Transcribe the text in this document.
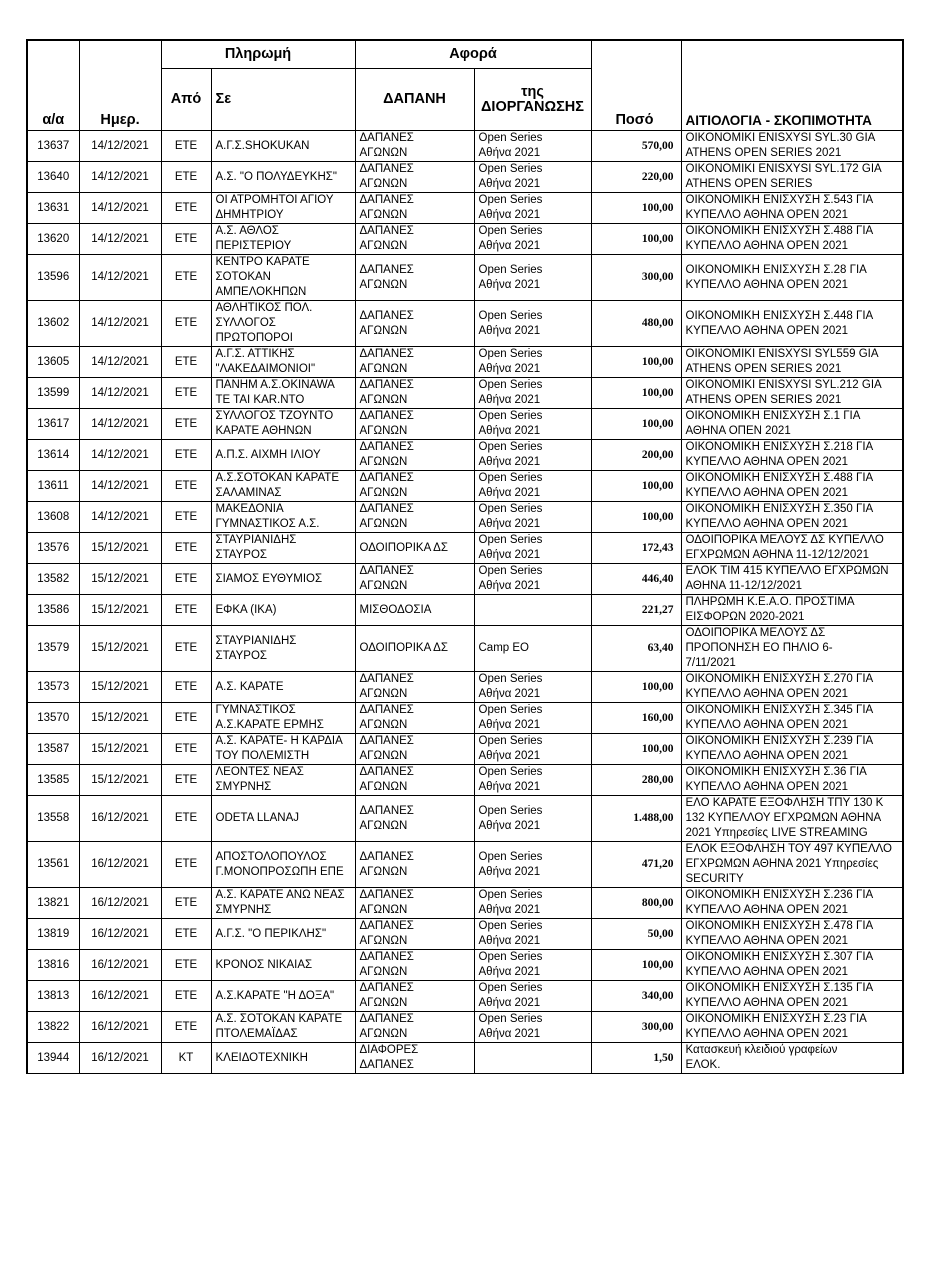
α/α	Ημερ.	Πληρωμή		Αφορά		Ποσό	ΑΙΤΙΟΛΟΓΙΑ - ΣΚΟΠΙΜΟΤΗΤΑ
		Από	Σε	ΔΑΠΑΝΗ	της
ΔΙΟΡΓΑΝΩΣΗΣ		
13637	14/12/2021	ΕΤΕ	Α.Γ.Σ.SHOKUKAN	ΔΑΠΑΝΕΣ
ΑΓΩΝΩΝ	Open Series
Αθήνα 2021	570,00	OIKONOMIKI ENISXYSI SYL.30 GIA
ATHENS OPEN SERIES 2021
13640	14/12/2021	ΕΤΕ	Α.Σ. "Ο ΠΟΛΥΔΕΥΚΗΣ"	ΔΑΠΑΝΕΣ
ΑΓΩΝΩΝ	Open Series
Αθήνα 2021	220,00	OIKONOMIKI ENISXYSI SYL.172 GIA
ATHENS OPEN SERIES
13631	14/12/2021	ΕΤΕ	ΟΙ ΑΤΡΟΜΗΤΟΙ ΑΓΙΟΥ
ΔΗΜΗΤΡΙΟΥ	ΔΑΠΑΝΕΣ
ΑΓΩΝΩΝ	Open Series
Αθήνα 2021	100,00	ΟΙΚΟΝΟΜΙΚΗ ΕΝΙΣΧΥΣΗ Σ.543 ΓΙΑ
ΚΥΠΕΛΛΟ ΑΘΗΝΑ OPEN 2021
13620	14/12/2021	ΕΤΕ	Α.Σ. ΑΘΛΟΣ
ΠΕΡΙΣΤΕΡΙΟΥ	ΔΑΠΑΝΕΣ
ΑΓΩΝΩΝ	Open Series
Αθήνα 2021	100,00	ΟΙΚΟΝΟΜΙΚΗ ΕΝΙΣΧΥΣΗ Σ.488 ΓΙΑ
ΚΥΠΕΛΛΟ ΑΘΗΝΑ OPEN 2021
13596	14/12/2021	ΕΤΕ	ΚΕΝΤΡΟ ΚΑΡΑΤΕ
ΣΟΤΟΚΑΝ
ΑΜΠΕΛΟΚΗΠΩΝ	ΔΑΠΑΝΕΣ
ΑΓΩΝΩΝ	Open Series
Αθήνα 2021	300,00	ΟΙΚΟΝΟΜΙΚΗ ΕΝΙΣΧΥΣΗ Σ.28 ΓΙΑ
ΚΥΠΕΛΛΟ ΑΘΗΝΑ OPEN 2021
13602	14/12/2021	ΕΤΕ	ΑΘΛΗΤΙΚΟΣ ΠΟΛ.
ΣΥΛΛΟΓΟΣ
ΠΡΩΤΟΠΟΡΟΙ	ΔΑΠΑΝΕΣ
ΑΓΩΝΩΝ	Open Series
Αθήνα 2021	480,00	ΟΙΚΟΝΟΜΙΚΗ ΕΝΙΣΧΥΣΗ Σ.448 ΓΙΑ
ΚΥΠΕΛΛΟ ΑΘΗΝΑ OPEN 2021
13605	14/12/2021	ΕΤΕ	Α.Γ.Σ. ΑΤΤΙΚΗΣ
"ΛΑΚΕΔΑΙΜΟΝΙΟΙ"	ΔΑΠΑΝΕΣ
ΑΓΩΝΩΝ	Open Series
Αθήνα 2021	100,00	OIKONOMIKI ENISXYSI SYL559 GIA
ATHENS OPEN SERIES 2021
13599	14/12/2021	ΕΤΕ	ΠΑΝΗΜ Α.Σ.OKINAWA
TE TAI KAR.NTO	ΔΑΠΑΝΕΣ
ΑΓΩΝΩΝ	Open Series
Αθήνα 2021	100,00	OIKONOMIKI ENISXYSI SYL.212 GIA
ATHENS OPEN SERIES 2021
13617	14/12/2021	ΕΤΕ	ΣΥΛΛΟΓΟΣ ΤΖΟΥΝΤΟ
ΚΑΡΑΤΕ ΑΘΗΝΩΝ	ΔΑΠΑΝΕΣ
ΑΓΩΝΩΝ	Open Series
Αθήνα 2021	100,00	ΟΙΚΟΝΟΜΙΚΗ ΕΝΙΣΧΥΣΗ Σ.1 ΓΙΑ
ΑΘΗΝΑ ΟΠΕΝ 2021
13614	14/12/2021	ΕΤΕ	Α.Π.Σ. ΑΙΧΜΗ ΙΛΙΟΥ	ΔΑΠΑΝΕΣ
ΑΓΩΝΩΝ	Open Series
Αθήνα 2021	200,00	ΟΙΚΟΝΟΜΙΚΗ ΕΝΙΣΧΥΣΗ Σ.218 ΓΙΑ
ΚΥΠΕΛΛΟ ΑΘΗΝΑ OPEN 2021
13611	14/12/2021	ΕΤΕ	Α.Σ.ΣΟΤΟΚΑΝ ΚΑΡΑΤΕ
ΣΑΛΑΜΙΝΑΣ	ΔΑΠΑΝΕΣ
ΑΓΩΝΩΝ	Open Series
Αθήνα 2021	100,00	ΟΙΚΟΝΟΜΙΚΗ ΕΝΙΣΧΥΣΗ Σ.488 ΓΙΑ
ΚΥΠΕΛΛΟ ΑΘΗΝΑ OPEN 2021
13608	14/12/2021	ΕΤΕ	ΜΑΚΕΔΟΝΙΑ
ΓΥΜΝΑΣΤΙΚΟΣ Α.Σ.	ΔΑΠΑΝΕΣ
ΑΓΩΝΩΝ	Open Series
Αθήνα 2021	100,00	ΟΙΚΟΝΟΜΙΚΗ ΕΝΙΣΧΥΣΗ Σ.350 ΓΙΑ
ΚΥΠΕΛΛΟ ΑΘΗΝΑ OPEN 2021
13576	15/12/2021	ΕΤΕ	ΣΤΑΥΡΙΑΝΙΔΗΣ
ΣΤΑΥΡΟΣ	ΟΔΟΙΠΟΡΙΚΑ ΔΣ	Open Series
Αθήνα 2021	172,43	ΟΔΟΙΠΟΡΙΚΑ ΜΕΛΟΥΣ ΔΣ ΚΥΠΕΛΛΟ
ΕΓΧΡΩΜΩΝ ΑΘΗΝΑ 11-12/12/2021
13582	15/12/2021	ΕΤΕ	ΣΙΑΜΟΣ ΕΥΘΥΜΙΟΣ	ΔΑΠΑΝΕΣ
ΑΓΩΝΩΝ	Open Series
Αθήνα 2021	446,40	ΕΛΟΚ ΤΙΜ 415 ΚΥΠΕΛΛΟ ΕΓΧΡΩΜΩΝ
ΑΘΗΝΑ 11-12/12/2021
13586	15/12/2021	ΕΤΕ	ΕΦΚΑ (ΙΚΑ)	ΜΙΣΘΟΔΟΣΙΑ		221,27	ΠΛΗΡΩΜΗ Κ.Ε.Α.Ο. ΠΡΟΣΤΙΜΑ
ΕΙΣΦΟΡΩΝ 2020-2021
13579	15/12/2021	ΕΤΕ	ΣΤΑΥΡΙΑΝΙΔΗΣ
ΣΤΑΥΡΟΣ	ΟΔΟΙΠΟΡΙΚΑ ΔΣ	Camp EO	63,40	ΟΔΟΙΠΟΡΙΚΑ ΜΕΛΟΥΣ ΔΣ
ΠΡΟΠΟΝΗΣΗ ΕΟ ΠΗΛΙΟ 6-
7/11/2021
13573	15/12/2021	ΕΤΕ	Α.Σ. ΚΑΡΑΤΕ	ΔΑΠΑΝΕΣ
ΑΓΩΝΩΝ	Open Series
Αθήνα 2021	100,00	ΟΙΚΟΝΟΜΙΚΗ ΕΝΙΣΧΥΣΗ Σ.270 ΓΙΑ
ΚΥΠΕΛΛΟ ΑΘΗΝΑ OPEN 2021
13570	15/12/2021	ΕΤΕ	ΓΥΜΝΑΣΤΙΚΟΣ
Α.Σ.ΚΑΡΑΤΕ ΕΡΜΗΣ	ΔΑΠΑΝΕΣ
ΑΓΩΝΩΝ	Open Series
Αθήνα 2021	160,00	ΟΙΚΟΝΟΜΙΚΗ ΕΝΙΣΧΥΣΗ Σ.345 ΓΙΑ
ΚΥΠΕΛΛΟ ΑΘΗΝΑ OPEN 2021
13587	15/12/2021	ΕΤΕ	Α.Σ. ΚΑΡΑΤΕ- Η ΚΑΡΔΙΑ
ΤΟΥ ΠΟΛΕΜΙΣΤΗ	ΔΑΠΑΝΕΣ
ΑΓΩΝΩΝ	Open Series
Αθήνα 2021	100,00	ΟΙΚΟΝΟΜΙΚΗ ΕΝΙΣΧΥΣΗ Σ.239 ΓΙΑ
ΚΥΠΕΛΛΟ ΑΘΗΝΑ OPEN 2021
13585	15/12/2021	ΕΤΕ	ΛΕΟΝΤΕΣ ΝΕΑΣ
ΣΜΥΡΝΗΣ	ΔΑΠΑΝΕΣ
ΑΓΩΝΩΝ	Open Series
Αθήνα 2021	280,00	ΟΙΚΟΝΟΜΙΚΗ ΕΝΙΣΧΥΣΗ Σ.36 ΓΙΑ
ΚΥΠΕΛΛΟ ΑΘΗΝΑ OPEN 2021
13558	16/12/2021	ΕΤΕ	ODETA LLANAJ	ΔΑΠΑΝΕΣ
ΑΓΩΝΩΝ	Open Series
Αθήνα 2021	1.488,00	ΕΛΟ ΚΑΡΑΤΕ ΕΞΟΦΛΗΣΗ ΤΠΥ 130 Κ
132 ΚΥΠΕΛΛΟΥ ΕΓΧΡΩΜΩΝ ΑΘΗΝΑ
2021 Υπηρεσίες LIVE STREAMING
13561	16/12/2021	ΕΤΕ	ΑΠΟΣΤΟΛΟΠΟΥΛΟΣ
Γ.ΜΟΝΟΠΡΟΣΩΠΗ ΕΠΕ	ΔΑΠΑΝΕΣ
ΑΓΩΝΩΝ	Open Series
Αθήνα 2021	471,20	ΕΛΟΚ ΕΞΟΦΛΗΣΗ ΤΟΥ 497 ΚΥΠΕΛΛΟ
ΕΓΧΡΩΜΩΝ ΑΘΗΝΑ 2021 Υπηρεσίες
SECURITY
13821	16/12/2021	ΕΤΕ	Α.Σ. ΚΑΡΑΤΕ ΑΝΩ ΝΕΑΣ
ΣΜΥΡΝΗΣ	ΔΑΠΑΝΕΣ
ΑΓΩΝΩΝ	Open Series
Αθήνα 2021	800,00	ΟΙΚΟΝΟΜΙΚΗ ΕΝΙΣΧΥΣΗ Σ.236 ΓΙΑ
ΚΥΠΕΛΛΟ ΑΘΗΝΑ OPEN 2021
13819	16/12/2021	ΕΤΕ	Α.Γ.Σ. "Ο ΠΕΡΙΚΛΗΣ"	ΔΑΠΑΝΕΣ
ΑΓΩΝΩΝ	Open Series
Αθήνα 2021	50,00	ΟΙΚΟΝΟΜΙΚΗ ΕΝΙΣΧΥΣΗ Σ.478 ΓΙΑ
ΚΥΠΕΛΛΟ ΑΘΗΝΑ OPEN 2021
13816	16/12/2021	ΕΤΕ	ΚΡΟΝΟΣ ΝΙΚΑΙΑΣ	ΔΑΠΑΝΕΣ
ΑΓΩΝΩΝ	Open Series
Αθήνα 2021	100,00	ΟΙΚΟΝΟΜΙΚΗ ΕΝΙΣΧΥΣΗ Σ.307 ΓΙΑ
ΚΥΠΕΛΛΟ ΑΘΗΝΑ OPEN 2021
13813	16/12/2021	ΕΤΕ	Α.Σ.ΚΑΡΑΤΕ "Η ΔΟΞΑ"	ΔΑΠΑΝΕΣ
ΑΓΩΝΩΝ	Open Series
Αθήνα 2021	340,00	ΟΙΚΟΝΟΜΙΚΗ ΕΝΙΣΧΥΣΗ Σ.135 ΓΙΑ
ΚΥΠΕΛΛΟ ΑΘΗΝΑ OPEN 2021
13822	16/12/2021	ΕΤΕ	Α.Σ. ΣΟΤΟΚΑΝ ΚΑΡΑΤΕ
ΠΤΟΛΕΜΑΪΔΑΣ	ΔΑΠΑΝΕΣ
ΑΓΩΝΩΝ	Open Series
Αθήνα 2021	300,00	ΟΙΚΟΝΟΜΙΚΗ ΕΝΙΣΧΥΣΗ Σ.23 ΓΙΑ
ΚΥΠΕΛΛΟ ΑΘΗΝΑ OPEN 2021
13944	16/12/2021	ΚΤ	ΚΛΕΙΔΟΤΕΧΝΙΚΗ	ΔΙΑΦΟΡΕΣ
ΔΑΠΑΝΕΣ		1,50	Κατασκευή κλειδιού γραφείων
ΕΛΟΚ.
